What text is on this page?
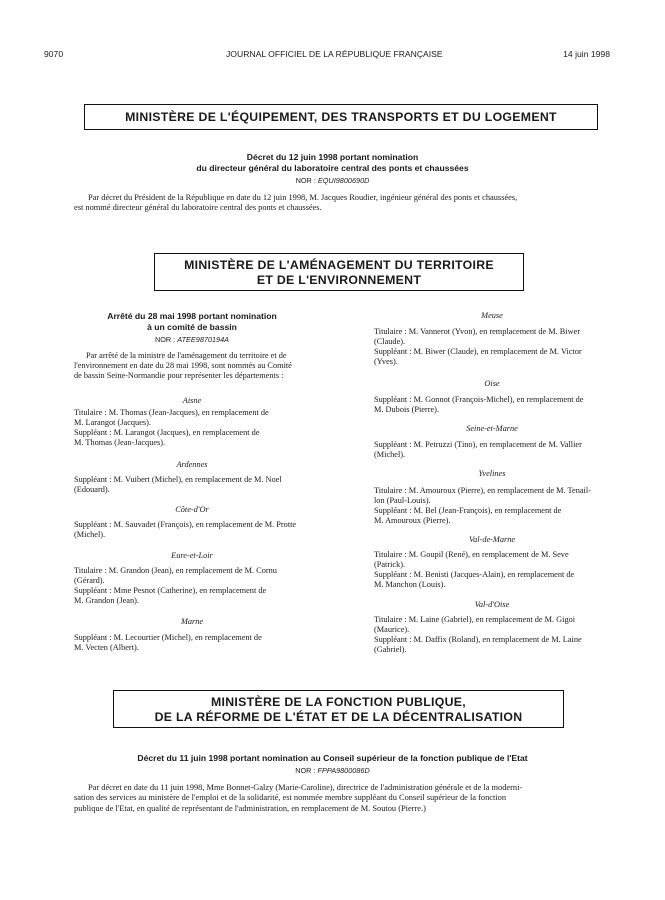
9070	JOURNAL OFFICIEL DE LA RÉPUBLIQUE FRANÇAISE	14 juin 1998
MINISTÈRE DE L'ÉQUIPEMENT, DES TRANSPORTS ET DU LOGEMENT
Décret du 12 juin 1998 portant nomination
du directeur général du laboratoire central des ponts et chaussées
NOR : EQUI9800690D
Par décret du Président de la République en date du 12 juin 1998, M. Jacques Roudier, ingénieur général des ponts et chaussées,
est nommé directeur général du laboratoire central des ponts et chaussées.
MINISTÈRE DE L'AMÉNAGEMENT DU TERRITOIRE
ET DE L'ENVIRONNEMENT
Arrêté du 28 mai 1998 portant nomination
à un comité de bassin
NOR : ATEE9870194A
Par arrêté de la ministre de l'aménagement du territoire et de
l'environnement en date du 28 mai 1998, sont nommés au Comité
de bassin Seine-Normandie pour représenter les départements :
Aisne
Titulaire : M. Thomas (Jean-Jacques), en remplacement de
M. Larangot (Jacques).
Suppléant : M. Larangot (Jacques), en remplacement de
M. Thomas (Jean-Jacques).
Ardennes
Suppléant : M. Vuibert (Michel), en remplacement de M. Noel
(Edouard).
Côte-d'Or
Suppléant : M. Sauvadet (François), en remplacement de M. Protte
(Michel).
Eure-et-Loir
Titulaire : M. Grandon (Jean), en remplacement de M. Cornu
(Gérard).
Suppléant : Mme Pesnot (Catherine), en remplacement de
M. Grandon (Jean).
Marne
Suppléant : M. Lecourtier (Michel), en remplacement de
M. Vecten (Albert).
Meuse
Titulaire : M. Vannerot (Yvon), en remplacement de M. Biwer
(Claude).
Suppléant : M. Biwer (Claude), en remplacement de M. Victor
(Yves).
Oise
Suppléant : M. Gonnot (François-Michel), en remplacement de
M. Dubois (Pierre).
Seine-et-Marne
Suppléant : M. Petruzzi (Tino), en remplacement de M. Vallier
(Michel).
Yvelines
Titulaire : M. Amouroux (Pierre), en remplacement de M. Tenail-
lon (Paul-Louis).
Suppléant : M. Bel (Jean-François), en remplacement de
M. Amouroux (Pierre).
Val-de-Marne
Titulaire : M. Goupil (René), en remplacement de M. Seve
(Patrick).
Suppléant : M. Benisti (Jacques-Alain), en remplacement de
M. Manchon (Louis).
Val-d'Oise
Titulaire : M. Laine (Gabriel), en remplacement de M. Gigoi
(Maurice).
Suppléant : M. Daffix (Roland), en remplacement de M. Laine
(Gabriel).
MINISTÈRE DE LA FONCTION PUBLIQUE,
DE LA RÉFORME DE L'ÉTAT ET DE LA DÉCENTRALISATION
Décret du 11 juin 1998 portant nomination au Conseil supérieur de la fonction publique de l'Etat
NOR : FPPA9800086D
Par décret en date du 11 juin 1998, Mme Bonnet-Galzy (Marie-Caroline), directrice de l'administration générale et de la moderni-
sation des services au ministère de l'emploi et de la solidarité, est nommée membre suppléant du Conseil supérieur de la fonction
publique de l'Etat, en qualité de représentant de l'administration, en remplacement de M. Soutou (Pierre.)
